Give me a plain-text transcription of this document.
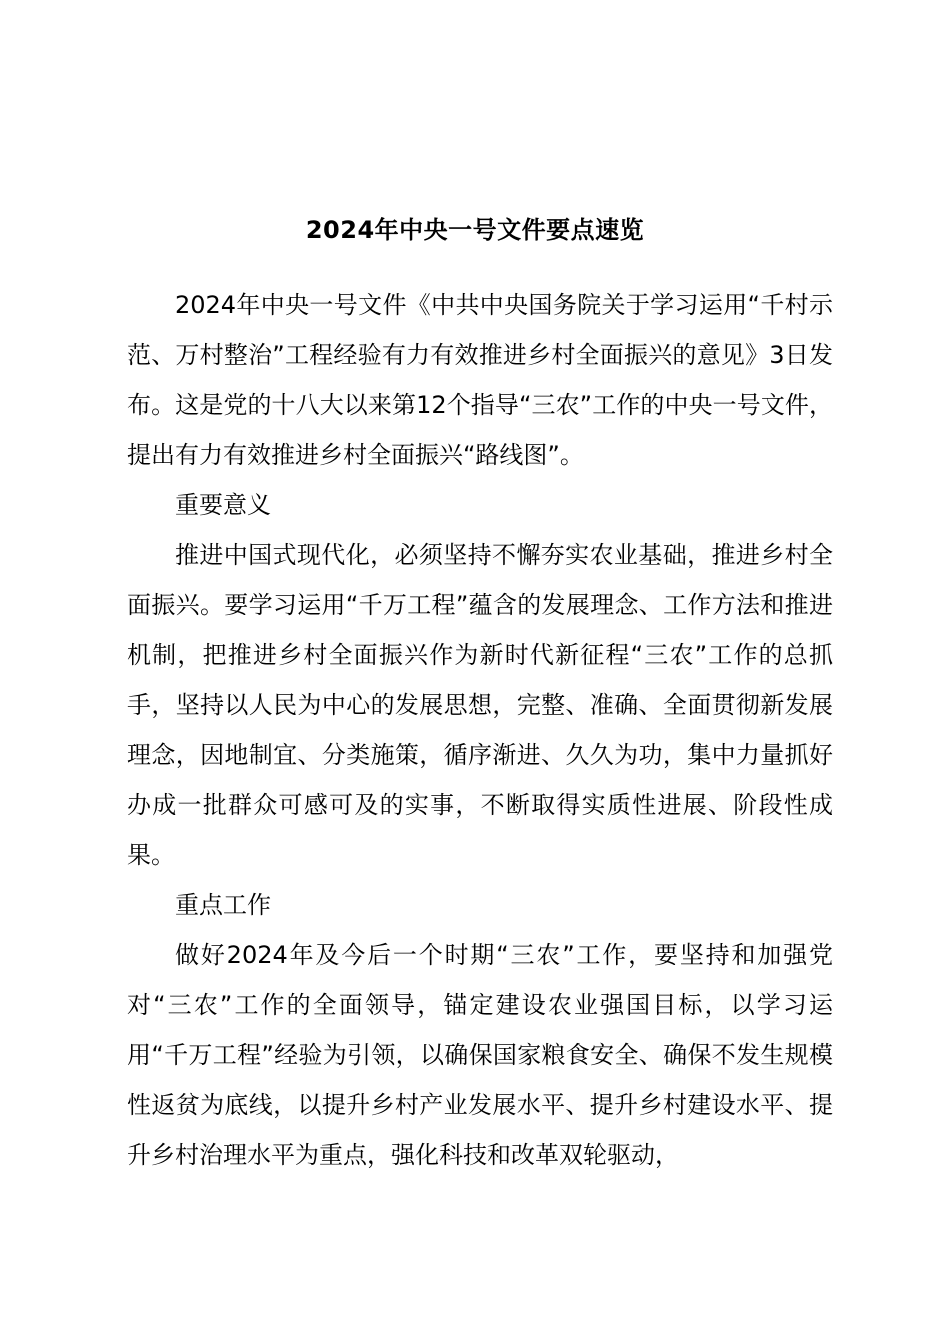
2024年中央一号文件要点速览

2024年中央一号文件《中共中央国务院关于学习运用“千村示范、万村整治”工程经验有力有效推进乡村全面振兴的意见》3日发布。这是党的十八大以来第12个指导“三农”工作的中央一号文件，提出有力有效推进乡村全面振兴“路线图”。

重要意义

推进中国式现代化，必须坚持不懈夯实农业基础，推进乡村全面振兴。要学习运用“千万工程”蕴含的发展理念、工作方法和推进机制，把推进乡村全面振兴作为新时代新征程“三农”工作的总抓手，坚持以人民为中心的发展思想，完整、准确、全面贯彻新发展理念，因地制宜、分类施策，循序渐进、久久为功，集中力量抓好办成一批群众可感可及的实事，不断取得实质性进展、阶段性成果。

重点工作

做好2024年及今后一个时期“三农”工作，要坚持和加强党对“三农”工作的全面领导，锚定建设农业强国目标，以学习运用“千万工程”经验为引领，以确保国家粮食安全、确保不发生规模性返贫为底线，以提升乡村产业发展水平、提升乡村建设水平、提升乡村治理水平为重点，强化科技和改革双轮驱动，
